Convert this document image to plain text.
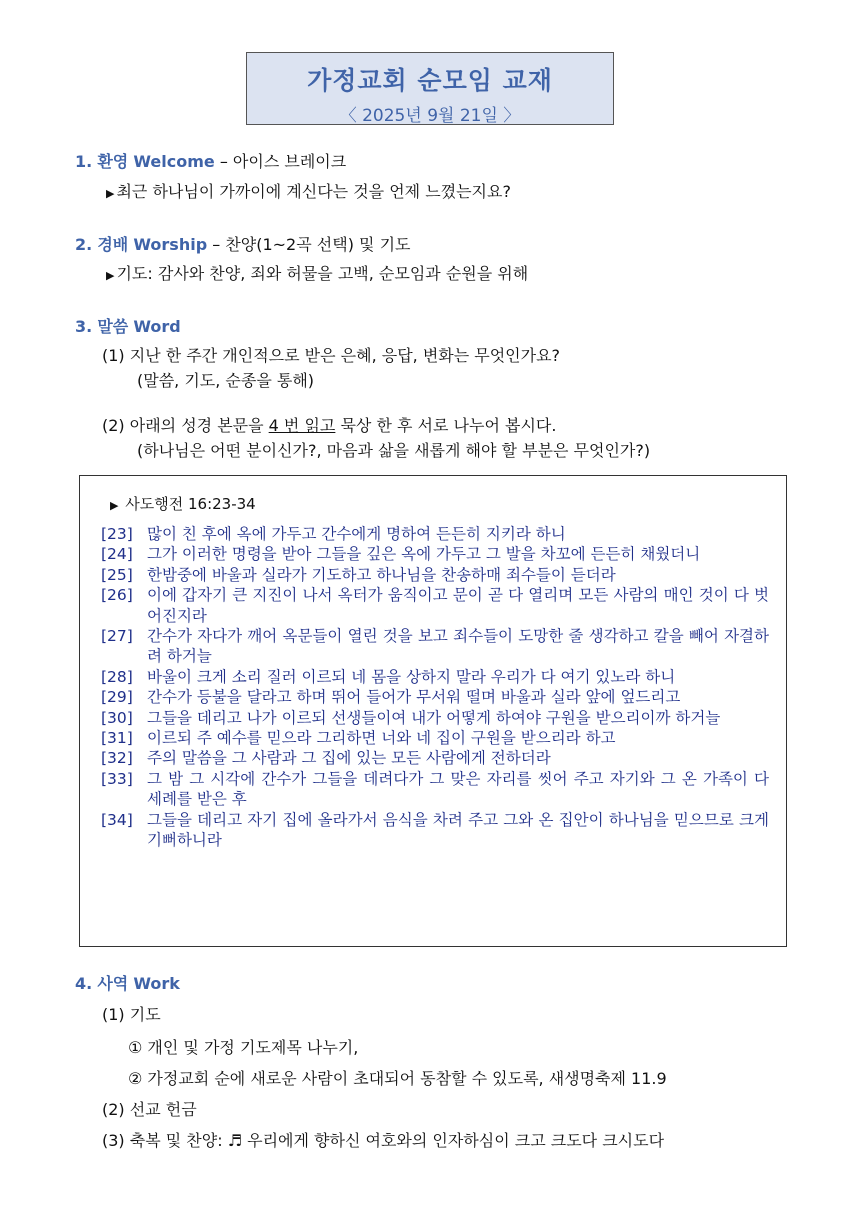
가정교회 순모임 교재
〈 2025년 9월 21일 〉
1. 환영 Welcome – 아이스 브레이크
▶ 최근 하나님이 가까이에 계신다는 것을 언제 느꼈는지요?
2. 경배 Worship – 찬양(1~2곡 선택) 및 기도
▶ 기도: 감사와 찬양, 죄와 허물을 고백, 순모임과 순원을 위해
3. 말씀 Word
(1) 지난 한 주간 개인적으로 받은 은혜, 응답, 변화는 무엇인가요?
(말씀, 기도, 순종을 통해)
(2) 아래의 성경 본문을 4 번 읽고 묵상 한 후 서로 나누어 봅시다.
(하나님은 어떤 분이신가?, 마음과 삶을 새롭게 해야 할 부분은 무엇인가?)
▶ 사도행전 16:23-34
[23] 많이 친 후에 옥에 가두고 간수에게 명하여 든든히 지키라 하니
[24] 그가 이러한 명령을 받아 그들을 깊은 옥에 가두고 그 발을 차꼬에 든든히 채웠더니
[25] 한밤중에 바울과 실라가 기도하고 하나님을 찬송하매 죄수들이 듣더라
[26] 이에 갑자기 큰 지진이 나서 옥터가 움직이고 문이 곧 다 열리며 모든 사람의 매인 것이 다 벗어진지라
[27] 간수가 자다가 깨어 옥문들이 열린 것을 보고 죄수들이 도망한 줄 생각하고 칼을 빼어 자결하려 하거늘
[28] 바울이 크게 소리 질러 이르되 네 몸을 상하지 말라 우리가 다 여기 있노라 하니
[29] 간수가 등불을 달라고 하며 뛰어 들어가 무서워 떨며 바울과 실라 앞에 엎드리고
[30] 그들을 데리고 나가 이르되 선생들이여 내가 어떻게 하여야 구원을 받으리이까 하거늘
[31] 이르되 주 예수를 믿으라 그리하면 너와 네 집이 구원을 받으리라 하고
[32] 주의 말씀을 그 사람과 그 집에 있는 모든 사람에게 전하더라
[33] 그 밤 그 시각에 간수가 그들을 데려다가 그 맞은 자리를 씻어 주고 자기와 그 온 가족이 다 세례를 받은 후
[34] 그들을 데리고 자기 집에 올라가서 음식을 차려 주고 그와 온 집안이 하나님을 믿으므로 크게 기뻐하니라
4. 사역 Work
(1) 기도
① 개인 및 가정 기도제목 나누기,
② 가정교회 순에 새로운 사람이 초대되어 동참할 수 있도록, 새생명축제 11.9
(2) 선교 헌금
(3) 축복 및 찬양: ♬ 우리에게 향하신 여호와의 인자하심이 크고 크도다 크시도다
